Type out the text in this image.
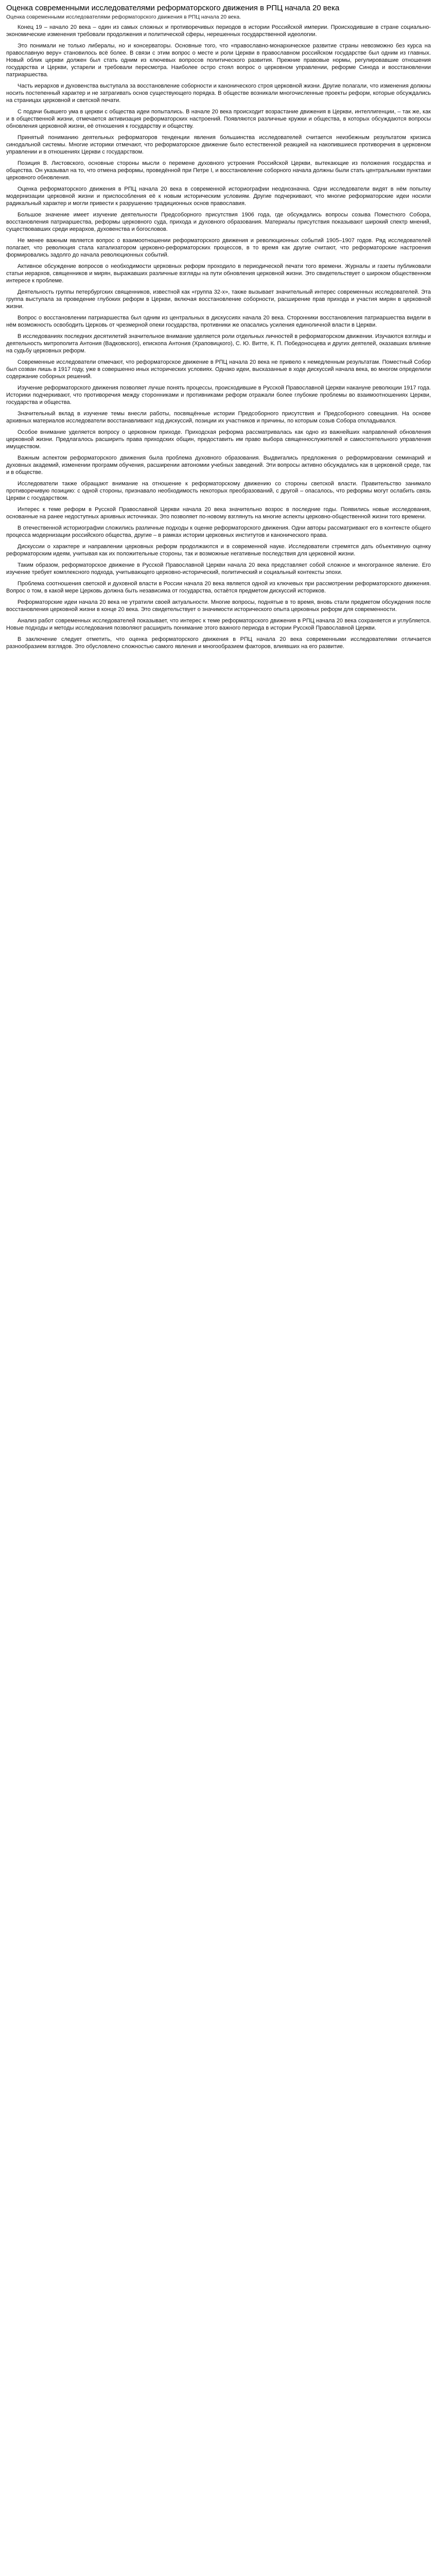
Оценка современными исследователями реформаторского движения в РПЦ начала 20 века
Оценка современными исследователями реформаторского движения в РПЦ начала 20 века.

Конец 19 – начало 20 века – один из самых сложных и противоречивых периодов в истории Российской империи. Происходившие в стране социально-экономические изменения требовали продолжения и политической сферы, нерешенных государственной идеологии.

Это понимали не только либералы, но и консерваторы. Основные того, что «православно-монархическое развитие страны невозможно без курса на православную веру» становилось всё более. В связи с этим вопрос о месте и роли Церкви в православном российском государстве был одним из главных. Новый облик церкви должен был стать одним из ключевых вопросов политического развития. Прежние правовые нормы, регулировавшие отношения государства и Церкви, устарели и требовали пересмотра. Наиболее остро стоял вопрос о церковном управлении, реформе Синода и восстановлении патриаршества.

Часть иерархов и духовенства выступала за восстановление соборности и канонического строя церковной жизни. Другие полагали, что изменения должны носить постепенный характер и не затрагивать основ существующего порядка. В обществе возникали многочисленные проекты реформ, которые обсуждались на страницах церковной и светской печати.

С подачи бывшего ума в церкви с общества идеи попытались. В начале 20 века происходит возрастание движения в Церкви, интеллигенции, – так же, как и в общественной жизни, отмечается активизация реформаторских настроений. Появляются различные кружки и общества, в которых обсуждаются вопросы обновления церковной жизни, её отношения к государству и обществу.

Принятый пониманию деятельных реформаторов тенденции явления большинства исследователей считается неизбежным результатом кризиса синодальной системы. Многие историки отмечают, что реформаторское движение было естественной реакцией на накопившиеся противоречия в церковном управлении и в отношениях Церкви с государством.

Позиция В. Листовского, основные стороны мысли о перемене духовного устроения Российской Церкви, вытекающие из положения государства и общества. Он указывал на то, что отмена реформы, проведённой при Петре I, и восстановление соборного начала должны были стать центральными пунктами церковного обновления.

Оценка реформаторского движения в РПЦ начала 20 века в современной историографии неоднозначна. Одни исследователи видят в нём попытку модернизации церковной жизни и приспособления её к новым историческим условиям. Другие подчеркивают, что многие реформаторские идеи носили радикальный характер и могли привести к разрушению традиционных основ православия.

Большое значение имеет изучение деятельности Предсоборного присутствия 1906 года, где обсуждались вопросы созыва Поместного Собора, восстановления патриаршества, реформы церковного суда, прихода и духовного образования. Материалы присутствия показывают широкий спектр мнений, существовавших среди иерархов, духовенства и богословов.

Не менее важным является вопрос о взаимоотношении реформаторского движения и революционных событий 1905–1907 годов. Ряд исследователей полагает, что революция стала катализатором церковно-реформаторских процессов, в то время как другие считают, что реформаторские настроения формировались задолго до начала революционных событий.

Активное обсуждение вопросов о необходимости церковных реформ проходило в периодической печати того времени. Журналы и газеты публиковали статьи иерархов, священников и мирян, выражавших различные взгляды на пути обновления церковной жизни. Это свидетельствует о широком общественном интересе к проблеме.

Деятельность группы петербургских священников, известной как «группа 32-х», также вызывает значительный интерес современных исследователей. Эта группа выступала за проведение глубоких реформ в Церкви, включая восстановление соборности, расширение прав прихода и участия мирян в церковной жизни.

Вопрос о восстановлении патриаршества был одним из центральных в дискуссиях начала 20 века. Сторонники восстановления патриаршества видели в нём возможность освободить Церковь от чрезмерной опеки государства, противники же опасались усиления единоличной власти в Церкви.

В исследованиях последних десятилетий значительное внимание уделяется роли отдельных личностей в реформаторском движении. Изучаются взгляды и деятельность митрополита Антония (Вадковского), епископа Антония (Храповицкого), С. Ю. Витте, К. П. Победоносцева и других деятелей, оказавших влияние на судьбу церковных реформ.

Современные исследователи отмечают, что реформаторское движение в РПЦ начала 20 века не привело к немедленным результатам. Поместный Собор был созван лишь в 1917 году, уже в совершенно иных исторических условиях. Однако идеи, высказанные в ходе дискуссий начала века, во многом определили содержание соборных решений.

Изучение реформаторского движения позволяет лучше понять процессы, происходившие в Русской Православной Церкви накануне революции 1917 года. Историки подчеркивают, что противоречия между сторонниками и противниками реформ отражали более глубокие проблемы во взаимоотношениях Церкви, государства и общества.

Значительный вклад в изучение темы внесли работы, посвящённые истории Предсоборного присутствия и Предсоборного совещания. На основе архивных материалов исследователи восстанавливают ход дискуссий, позиции их участников и причины, по которым созыв Собора откладывался.

Особое внимание уделяется вопросу о церковном приходе. Приходская реформа рассматривалась как одно из важнейших направлений обновления церковной жизни. Предлагалось расширить права приходских общин, предоставить им право выбора священнослужителей и самостоятельного управления имуществом.

Важным аспектом реформаторского движения была проблема духовного образования. Выдвигались предложения о реформировании семинарий и духовных академий, изменении программ обучения, расширении автономии учебных заведений. Эти вопросы активно обсуждались как в церковной среде, так и в обществе.

Исследователи также обращают внимание на отношение к реформаторскому движению со стороны светской власти. Правительство занимало противоречивую позицию: с одной стороны, признавало необходимость некоторых преобразований, с другой – опасалось, что реформы могут ослабить связь Церкви с государством.

Интерес к теме реформ в Русской Православной Церкви начала 20 века значительно возрос в последние годы. Появились новые исследования, основанные на ранее недоступных архивных источниках. Это позволяет по-новому взглянуть на многие аспекты церковно-общественной жизни того времени.

В отечественной историографии сложились различные подходы к оценке реформаторского движения. Одни авторы рассматривают его в контексте общего процесса модернизации российского общества, другие – в рамках истории церковных институтов и канонического права.

Дискуссии о характере и направлении церковных реформ продолжаются и в современной науке. Исследователи стремятся дать объективную оценку реформаторским идеям, учитывая как их положительные стороны, так и возможные негативные последствия для церковной жизни.

Таким образом, реформаторское движение в Русской Православной Церкви начала 20 века представляет собой сложное и многогранное явление. Его изучение требует комплексного подхода, учитывающего церковно-исторический, политический и социальный контексты эпохи.

Проблема соотношения светской и духовной власти в России начала 20 века является одной из ключевых при рассмотрении реформаторского движения. Вопрос о том, в какой мере Церковь должна быть независима от государства, остаётся предметом дискуссий историков.

Реформаторские идеи начала 20 века не утратили своей актуальности. Многие вопросы, поднятые в то время, вновь стали предметом обсуждения после восстановления церковной жизни в конце 20 века. Это свидетельствует о значимости исторического опыта церковных реформ для современности.

Анализ работ современных исследователей показывает, что интерес к теме реформаторского движения в РПЦ начала 20 века сохраняется и углубляется. Новые подходы и методы исследования позволяют расширить понимание этого важного периода в истории Русской Православной Церкви.

В заключение следует отметить, что оценка реформаторского движения в РПЦ начала 20 века современными исследователями отличается разнообразием взглядов. Это обусловлено сложностью самого явления и многообразием факторов, влиявших на его развитие.
